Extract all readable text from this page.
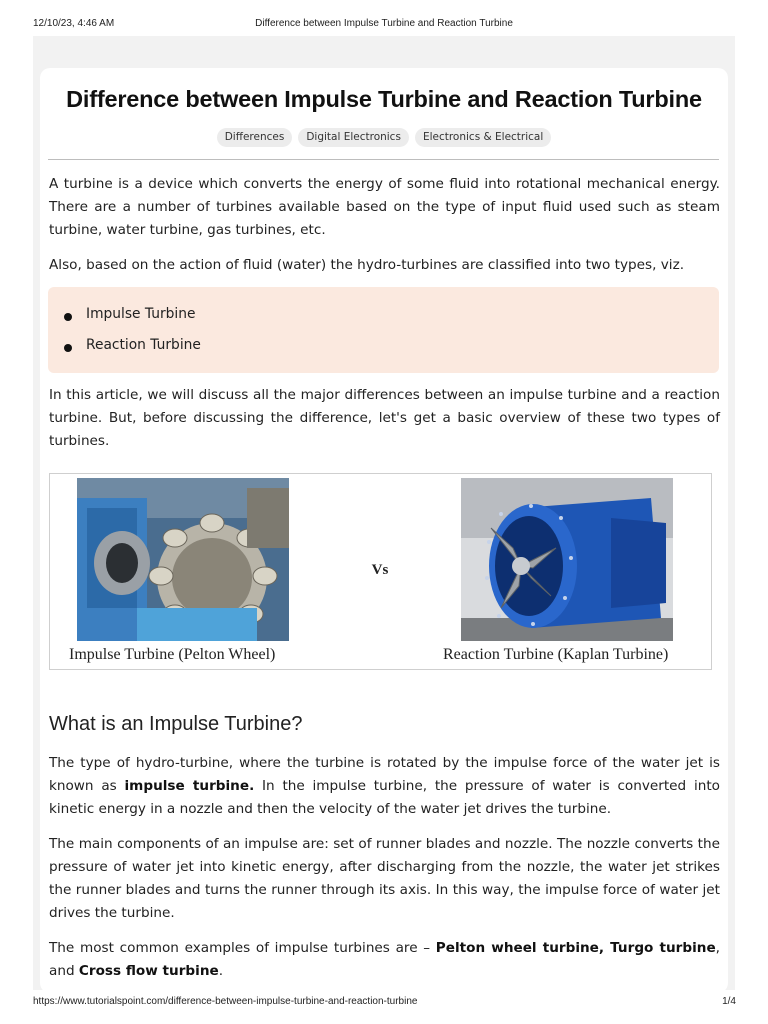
12/10/23, 4:46 AM	Difference between Impulse Turbine and Reaction Turbine
Difference between Impulse Turbine and Reaction Turbine
Differences	Digital Electronics	Electronics & Electrical

A turbine is a device which converts the energy of some fluid into rotational mechanical energy. There are a number of turbines available based on the type of input fluid used such as steam turbine, water turbine, gas turbines, etc.

Also, based on the action of fluid (water) the hydro-turbines are classified into two types, viz.

Impulse Turbine
Reaction Turbine

In this article, we will discuss all the major differences between an impulse turbine and a reaction turbine. But, before discussing the difference, let's get a basic overview of these two types of turbines.

Vs
Impulse Turbine (Pelton Wheel)	Reaction Turbine (Kaplan Turbine)
What is an Impulse Turbine?

The type of hydro-turbine, where the turbine is rotated by the impulse force of the water jet is known as impulse turbine. In the impulse turbine, the pressure of water is converted into kinetic energy in a nozzle and then the velocity of the water jet drives the turbine.

The main components of an impulse are: set of runner blades and nozzle. The nozzle converts the pressure of water jet into kinetic energy, after discharging from the nozzle, the water jet strikes the runner blades and turns the runner through its axis. In this way, the impulse force of water jet drives the turbine.

The most common examples of impulse turbines are – Pelton wheel turbine, Turgo turbine, and Cross flow turbine.

https://www.tutorialspoint.com/difference-between-impulse-turbine-and-reaction-turbine	1/4
